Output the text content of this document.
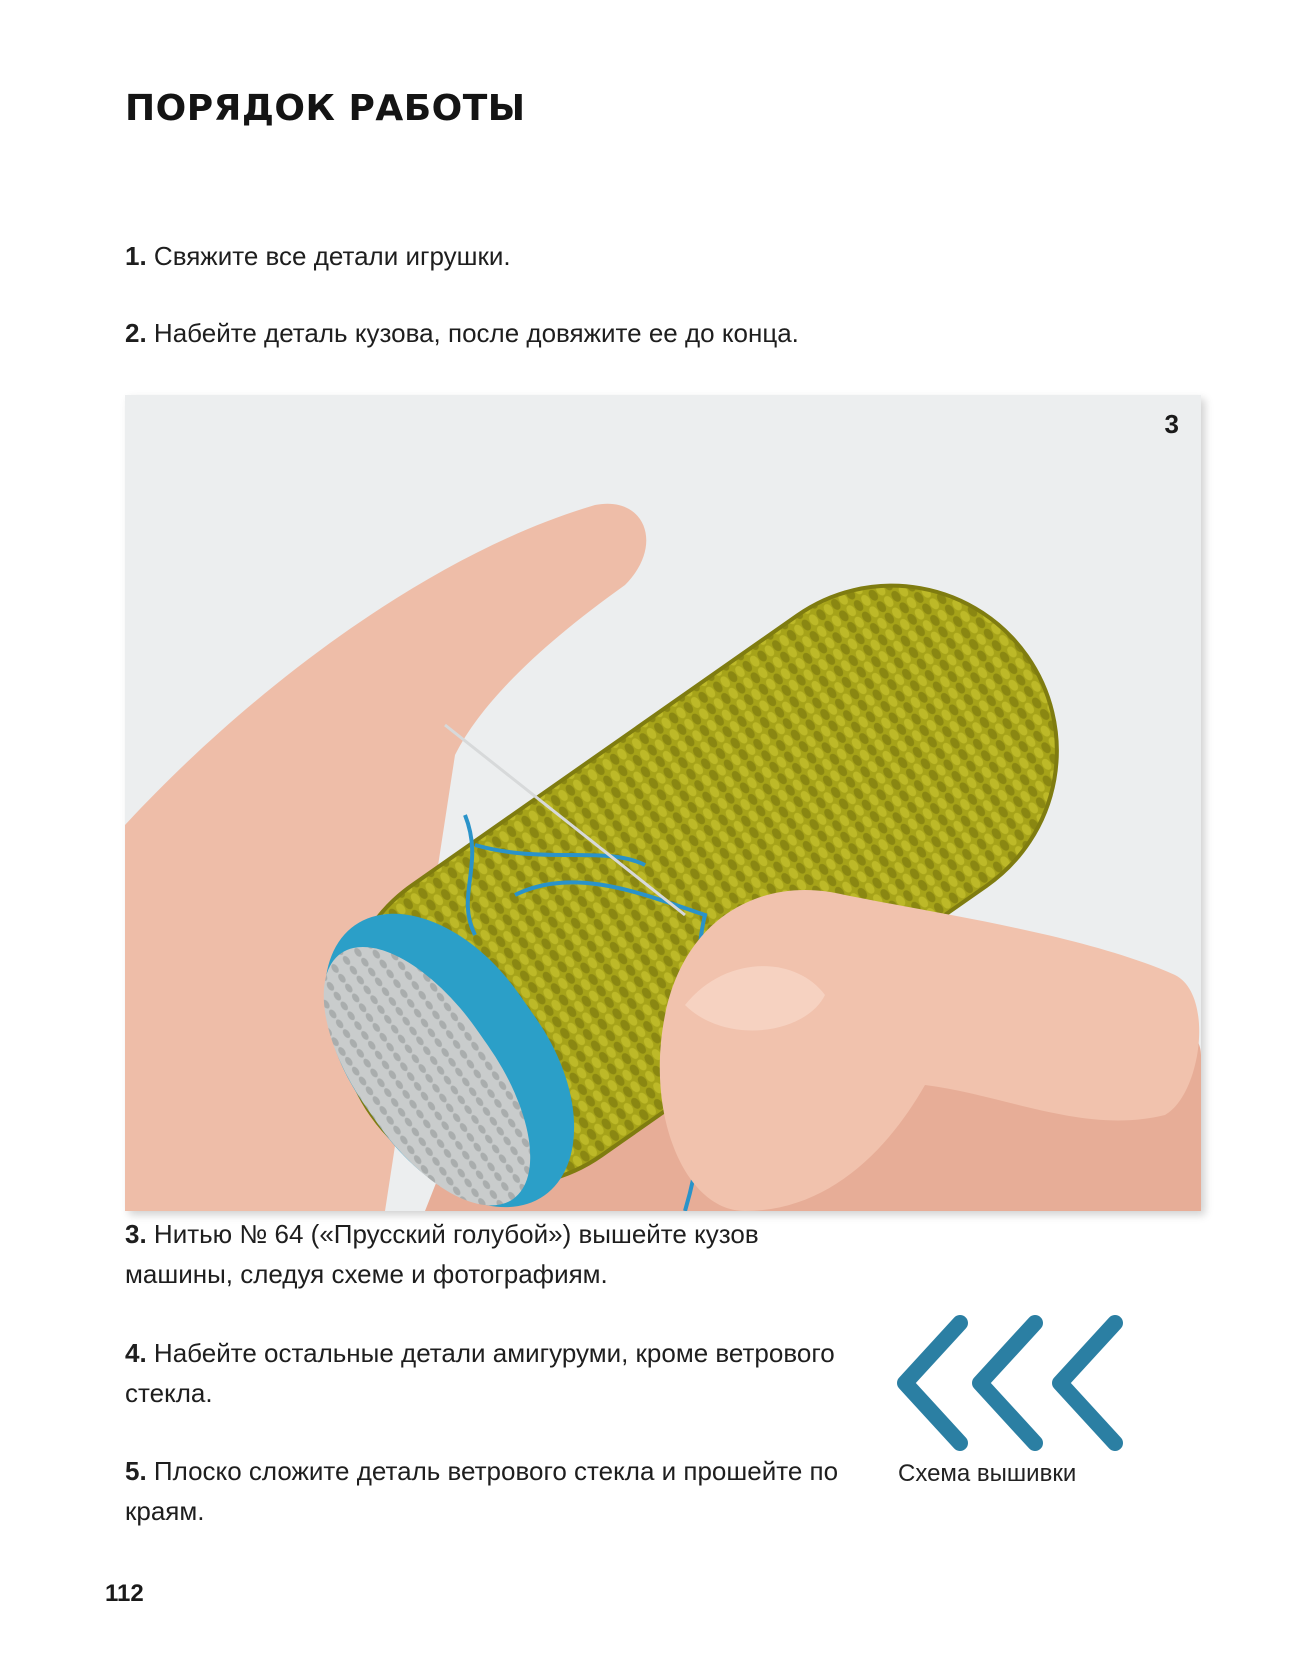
ПОРЯДОК РАБОТЫ

1. Свяжите все детали игрушки.

2. Набейте деталь кузова, после довяжите ее до конца.

3

3. Нитью № 64 («Прусский голубой») вышейте кузов машины, следуя схеме и фотографиям.

4. Набейте остальные детали амигуруми, кроме ветрового стекла.

5. Плоско сложите деталь ветрового стекла и прошейте по краям.

Схема вышивки
112
